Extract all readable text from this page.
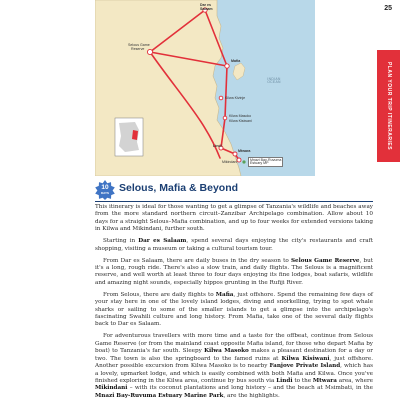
25
PLAN YOUR TRIP ITINERARIES
Dar es
Salaam
Selous Game
Reserve
Mafia
Kilwa Kivinje
Kilwa Masoko
Kilwa Kisiwani
INDIAN
OCEAN
Lindi
Mtwara
Mikindani
Mnazi Bay-Ruvuma
Estuary MP
10
DAYS Selous, Mafia & Beyond

This itinerary is ideal for those wanting to get a glimpse of Tanzania's wildlife and beaches away from the more standard northern circuit–Zanzibar Archipelago combination. Allow about 10 days for a straight Selous–Mafia combination, and up to four weeks for extended versions taking in Kilwa and Mikindani, further south.

Starting in Dar es Salaam, spend several days enjoying the city's restaurants and craft shopping, visiting a museum or taking a cultural tourism tour.

From Dar es Salaam, there are daily buses in the dry season to Selous Game Reserve, but it's a long, rough ride. There's also a slow train, and daily flights. The Selous is a magnificent reserve, and well worth at least three to four days enjoying its fine lodges, boat safaris, wildlife and amazing night sounds, especially hippos grunting in the Rufiji River.

From Selous, there are daily flights to Mafia, just offshore. Spend the remaining few days of your stay here in one of the lovely island lodges, diving and snorkelling, trying to spot whale sharks or sailing to some of the smaller islands to get a glimpse into the archipelago's fascinating Swahili culture and long history. From Mafia, take one of the several daily flights back to Dar es Salaam.

For adventurous travellers with more time and a taste for the offbeat, continue from Selous Game Reserve (or from the mainland coast opposite Mafia island, for those who depart Mafia by boat) to Tanzania's far south. Sleepy Kilwa Masoko makes a pleasant destination for a day or two. The town is also the springboard to the famed ruins at Kilwa Kisiwani, just offshore. Another possible excursion from Kilwa Masoko is to nearby Fanjove Private Island, which has a lovely, upmarket lodge, and which is easily combined with both Mafia and Kilwa. Once you've finished exploring in the Kilwa area, continue by bus south via Lindi to the Mtwara area, where Mikindani – with its coconut plantations and long history – and the beach at Msimbati, in the Mnazi Bay-Ruvuma Estuary Marine Park, are the highlights.
